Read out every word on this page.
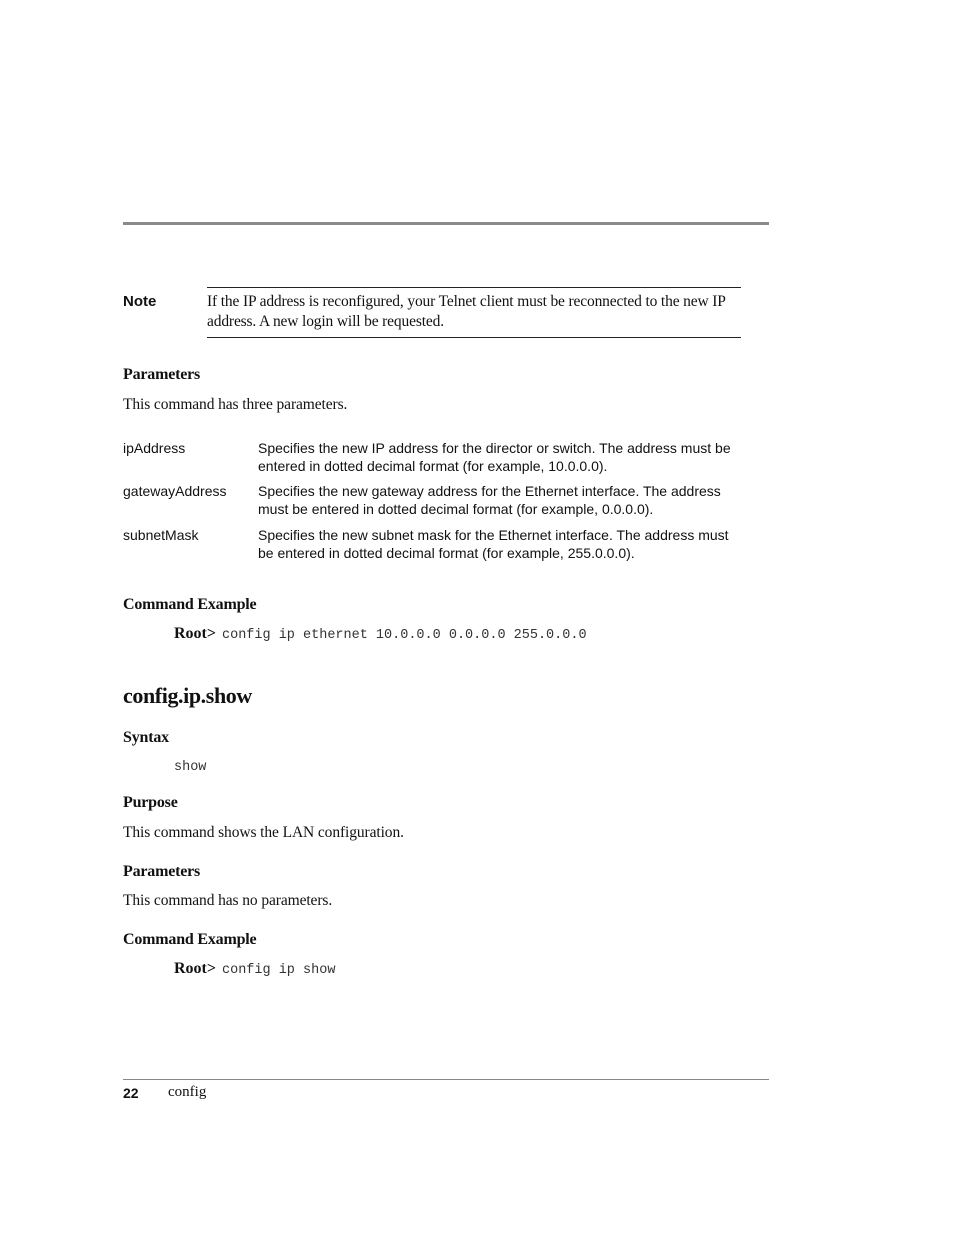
Note	If the IP address is reconfigured, your Telnet client must be reconnected to the new IP address. A new login will be requested.
Parameters
This command has three parameters.
ipAddress	Specifies the new IP address for the director or switch. The address must be entered in dotted decimal format (for example, 10.0.0.0).
gatewayAddress Specifies the new gateway address for the Ethernet interface. The address must be entered in dotted decimal format (for example, 0.0.0.0).
subnetMask	Specifies the new subnet mask for the Ethernet interface. The address must be entered in dotted decimal format (for example, 255.0.0.0).
Command Example
Root> config ip ethernet 10.0.0.0 0.0.0.0 255.0.0.0
config.ip.show
Syntax
show
Purpose
This command shows the LAN configuration.
Parameters
This command has no parameters.
Command Example
Root> config ip show
22 config
